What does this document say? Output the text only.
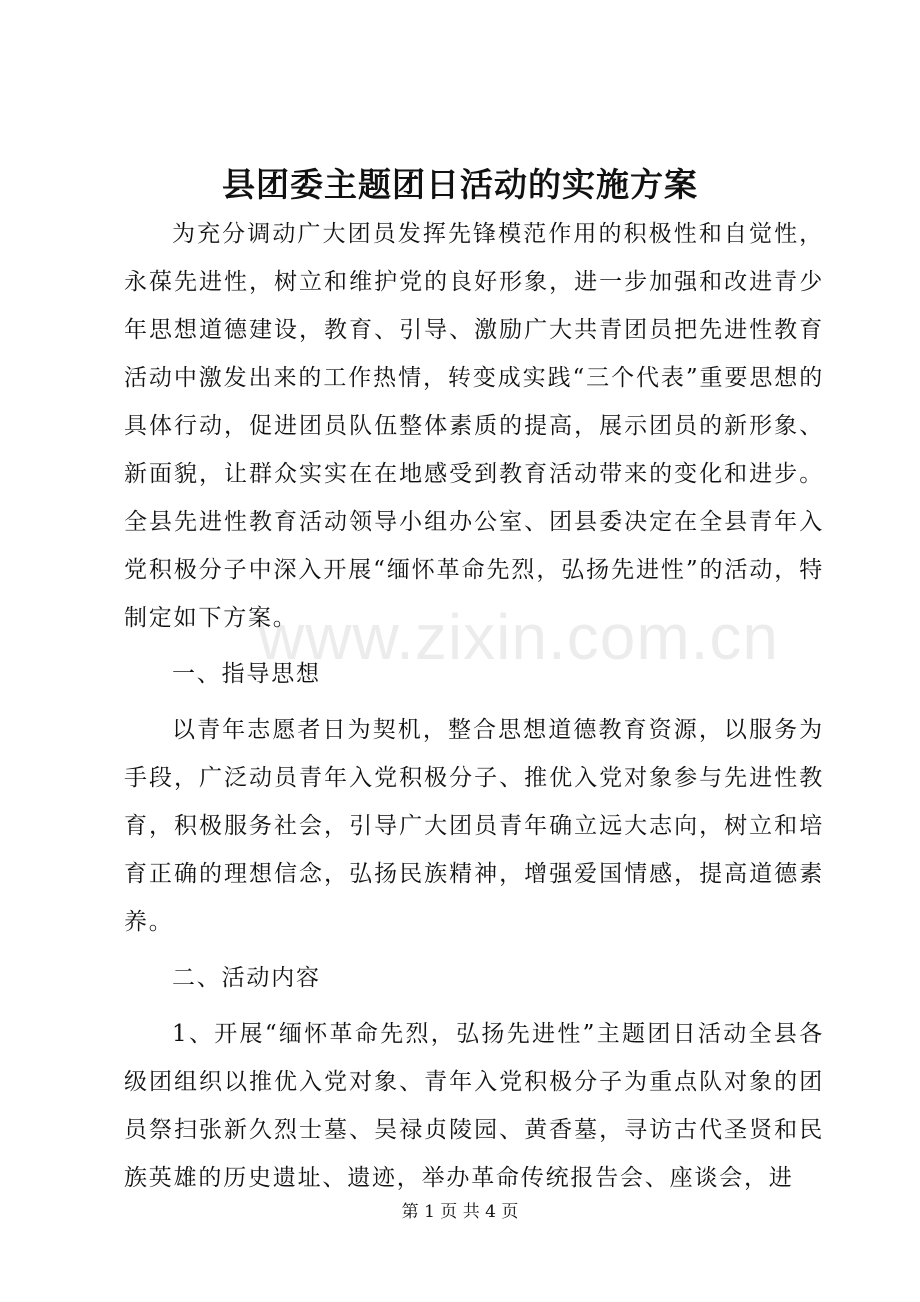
县团委主题团日活动的实施方案

为充分调动广大团员发挥先锋模范作用的积极性和自觉性，永葆先进性，树立和维护党的良好形象，进一步加强和改进青少年思想道德建设，教育、引导、激励广大共青团员把先进性教育活动中激发出来的工作热情，转变成实践“三个代表”重要思想的具体行动，促进团员队伍整体素质的提高，展示团员的新形象、新面貌，让群众实实在在地感受到教育活动带来的变化和进步。全县先进性教育活动领导小组办公室、团县委决定在全县青年入党积极分子中深入开展“缅怀革命先烈，弘扬先进性”的活动，特制定如下方案。

一、指导思想

以青年志愿者日为契机，整合思想道德教育资源，以服务为手段，广泛动员青年入党积极分子、推优入党对象参与先进性教育，积极服务社会，引导广大团员青年确立远大志向，树立和培育正确的理想信念，弘扬民族精神，增强爱国情感，提高道德素养。

二、活动内容

1、开展“缅怀革命先烈，弘扬先进性”主题团日活动全县各级团组织以推优入党对象、青年入党积极分子为重点队对象的团员祭扫张新久烈士墓、吴禄贞陵园、黄香墓，寻访古代圣贤和民族英雄的历史遗址、遗迹，举办革命传统报告会、座谈会，进

www.zixin.com.cn
第 1 页 共 4 页
